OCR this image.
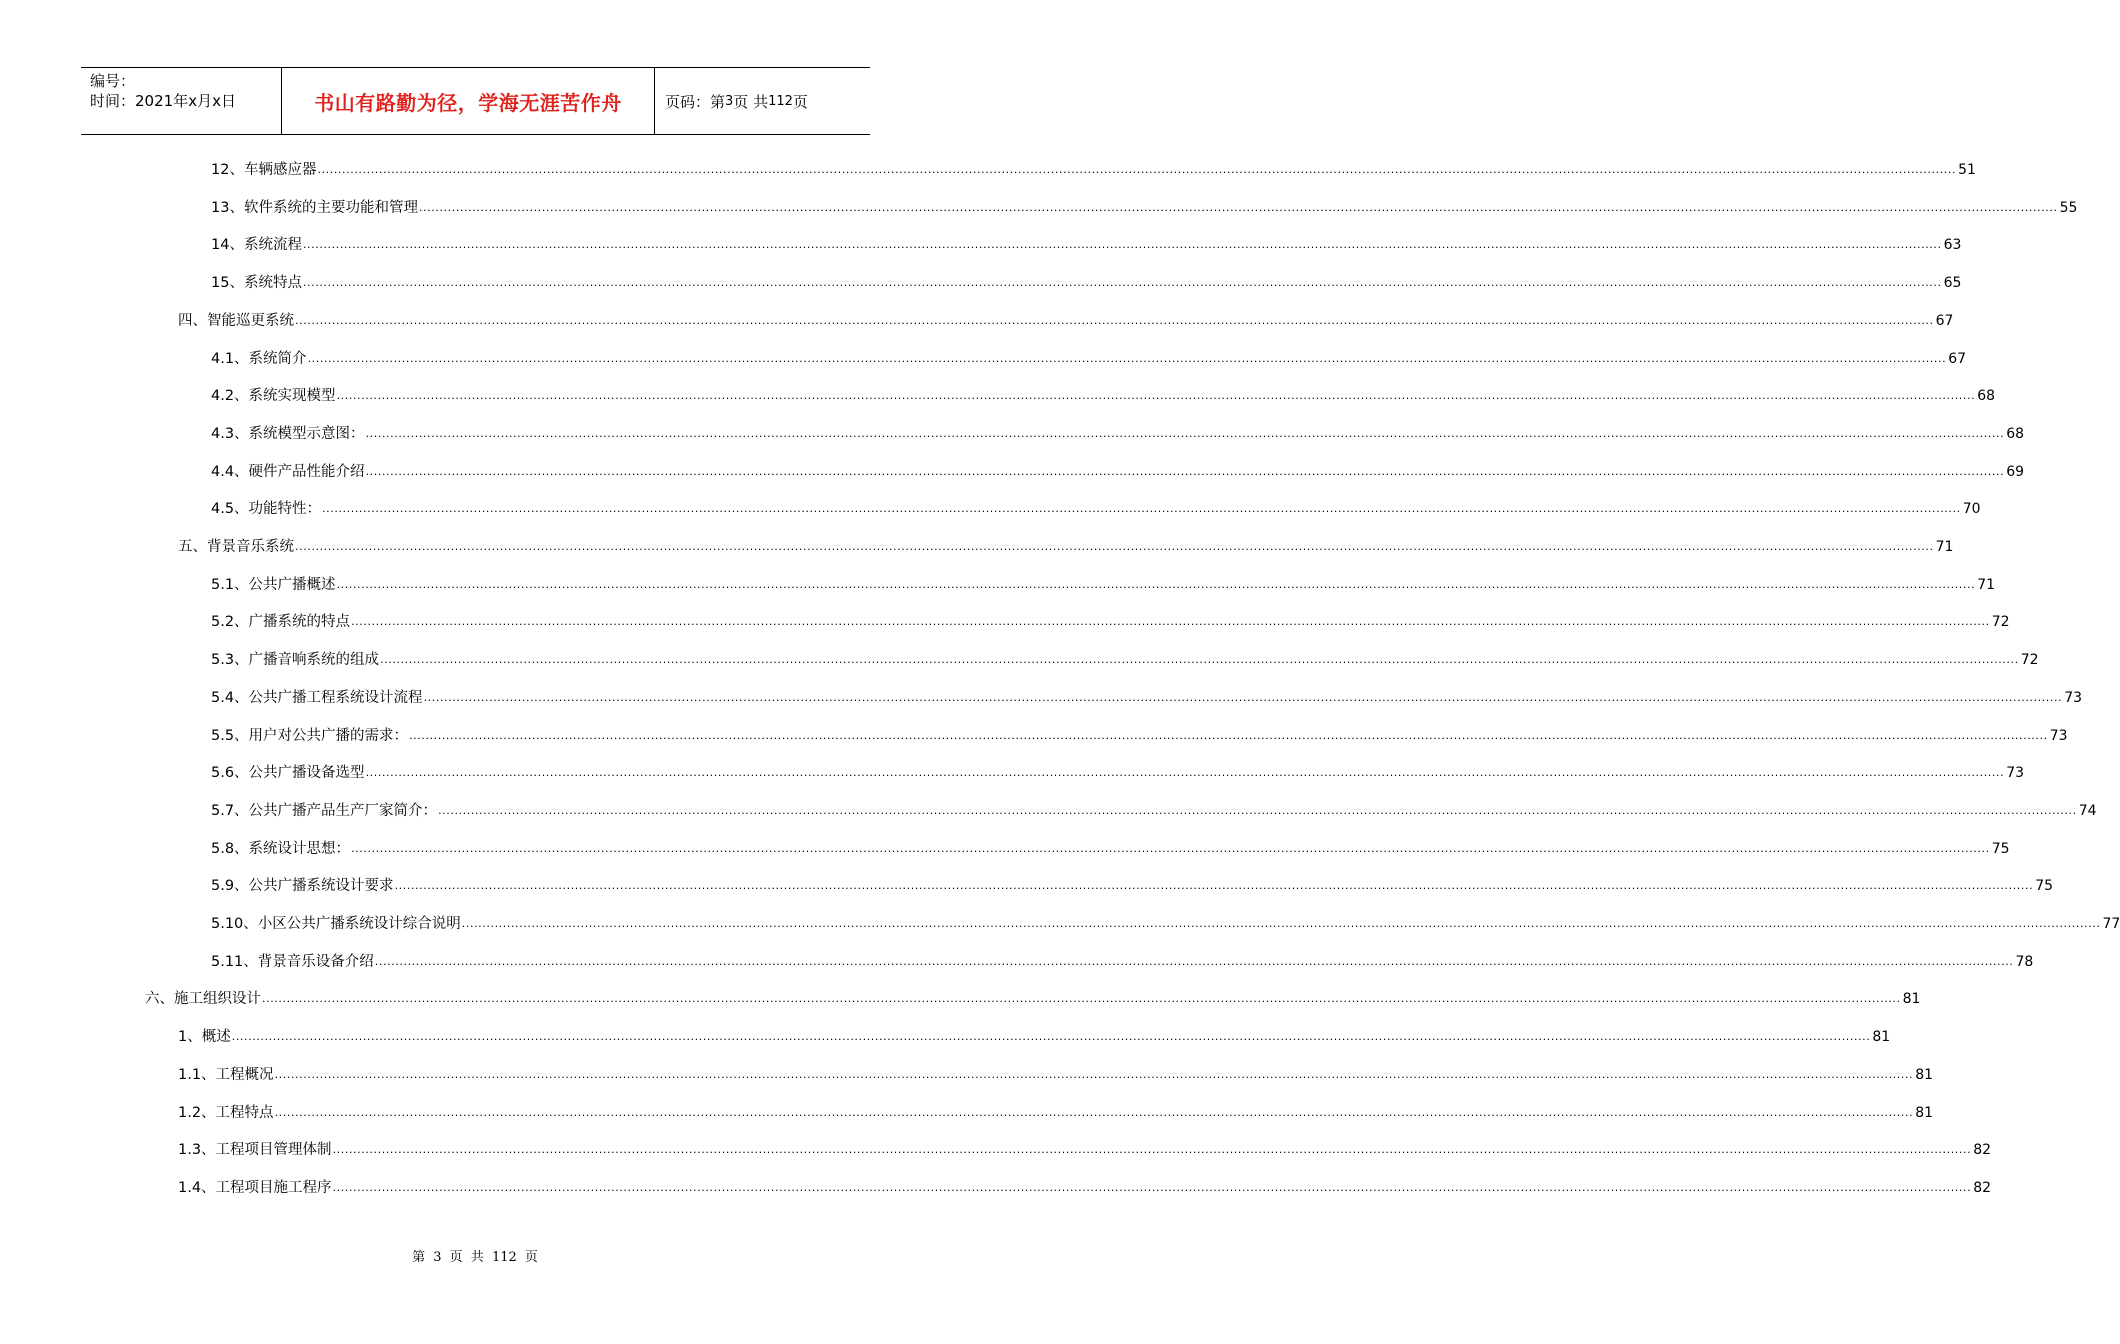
编号：
时间：2021年x月x日	书山有路勤为径，学海无涯苦作舟	页码：第 3 页 共 112 页
12、车辆感应器 ................................................................................................................................................................................................................................................................................................................................................................................................................ 51
13、软件系统的主要功能和管理 ................................................................................................................................................................................................................................................................................................................................................................................................................ 55
14、系统流程 ................................................................................................................................................................................................................................................................................................................................................................................................................ 63
15、系统特点 ................................................................................................................................................................................................................................................................................................................................................................................................................ 65
四、智能巡更系统 ................................................................................................................................................................................................................................................................................................................................................................................................................ 67
4.1、系统简介 ................................................................................................................................................................................................................................................................................................................................................................................................................ 67
4.2、系统实现模型 ................................................................................................................................................................................................................................................................................................................................................................................................................ 68
4.3、系统模型示意图： ................................................................................................................................................................................................................................................................................................................................................................................................................ 68
4.4、硬件产品性能介绍 ................................................................................................................................................................................................................................................................................................................................................................................................................ 69
4.5、功能特性： ................................................................................................................................................................................................................................................................................................................................................................................................................ 70
五、背景音乐系统 ................................................................................................................................................................................................................................................................................................................................................................................................................ 71
5.1、公共广播概述 ................................................................................................................................................................................................................................................................................................................................................................................................................ 71
5.2、广播系统的特点 ................................................................................................................................................................................................................................................................................................................................................................................................................ 72
5.3、广播音响系统的组成 ................................................................................................................................................................................................................................................................................................................................................................................................................ 72
5.4、公共广播工程系统设计流程 ................................................................................................................................................................................................................................................................................................................................................................................................................ 73
5.5、用户对公共广播的需求： ................................................................................................................................................................................................................................................................................................................................................................................................................ 73
5.6、公共广播设备选型 ................................................................................................................................................................................................................................................................................................................................................................................................................ 73
5.7、公共广播产品生产厂家简介： ................................................................................................................................................................................................................................................................................................................................................................................................................ 74
5.8、系统设计思想： ................................................................................................................................................................................................................................................................................................................................................................................................................ 75
5.9、公共广播系统设计要求 ................................................................................................................................................................................................................................................................................................................................................................................................................ 75
5.10、小区公共广播系统设计综合说明 ................................................................................................................................................................................................................................................................................................................................................................................................................ 77
5.11、背景音乐设备介绍 ................................................................................................................................................................................................................................................................................................................................................................................................................ 78
六、施工组织设计 ................................................................................................................................................................................................................................................................................................................................................................................................................ 81
1、概述 ................................................................................................................................................................................................................................................................................................................................................................................................................ 81
1.1、工程概况 ................................................................................................................................................................................................................................................................................................................................................................................................................ 81
1.2、工程特点 ................................................................................................................................................................................................................................................................................................................................................................................................................ 81
1.3、工程项目管理体制 ................................................................................................................................................................................................................................................................................................................................................................................................................ 82
1.4、工程项目施工程序 ................................................................................................................................................................................................................................................................................................................................................................................................................ 82
第 3 页 共 112 页
